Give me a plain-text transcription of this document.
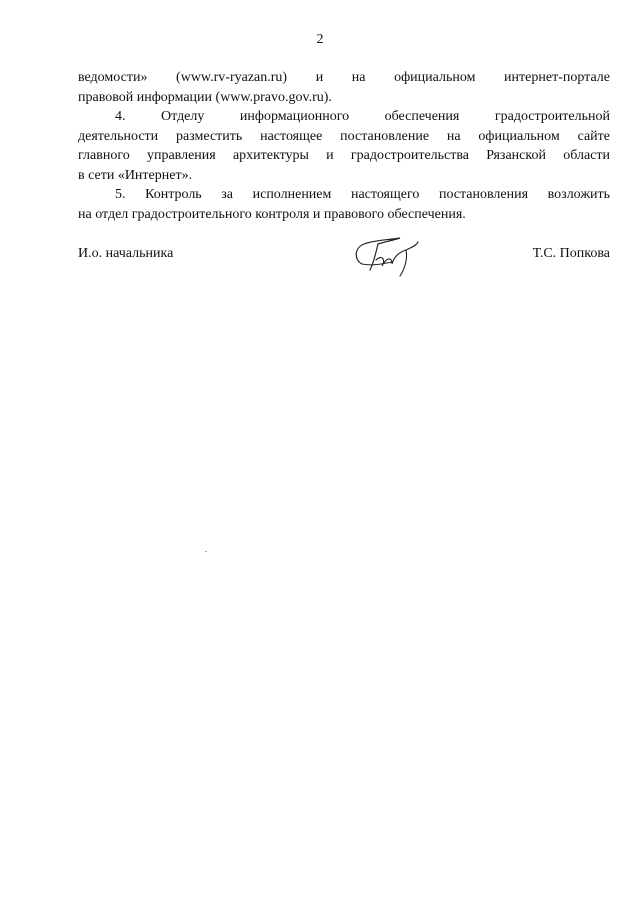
2

ведомости» (www.rv-ryazan.ru) и на официальном интернет-портале
правовой информации (www.pravo.gov.ru).

4. Отделу информационного обеспечения градостроительной
деятельности разместить настоящее постановление на официальном сайте
главного управления архитектуры и градостроительства Рязанской области
в сети «Интернет».

5. Контроль за исполнением настоящего постановления возложить
на отдел градостроительного контроля и правового обеспечения.

И.о. начальника	Т.С. Попкова
